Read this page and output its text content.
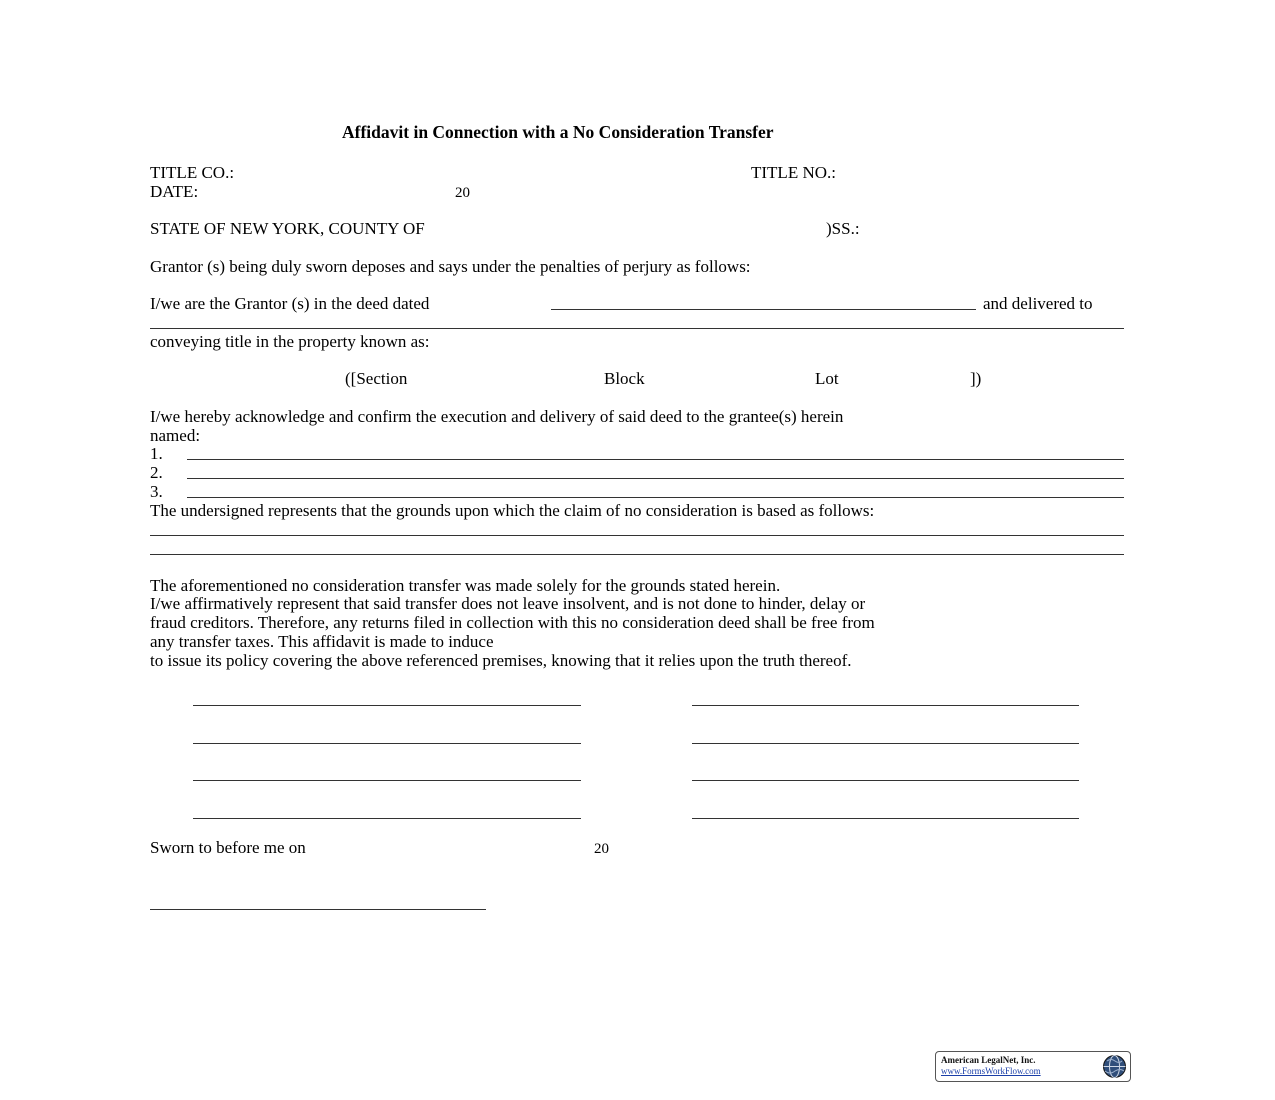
Affidavit in Connection with a No Consideration Transfer
TITLE CO.:	TITLE NO.:
DATE:	20
STATE OF NEW YORK, COUNTY OF	)SS.:
Grantor (s) being duly sworn deposes and says under the penalties of perjury as follows:
I/we are the Grantor (s) in the deed dated	and delivered to
conveying title in the property known as:
([Section	Block	Lot	])
I/we hereby acknowledge and confirm the execution and delivery of said deed to the grantee(s) herein
named:
1.
2.
3.
The undersigned represents that the grounds upon which the claim of no consideration is based as follows:
The aforementioned no consideration transfer was made solely for the grounds stated herein.
I/we affirmatively represent that said transfer does not leave insolvent, and is not done to hinder, delay or
fraud creditors. Therefore, any returns filed in collection with this no consideration deed shall be free from
any transfer taxes. This affidavit is made to induce
to issue its policy covering the above referenced premises, knowing that it relies upon the truth thereof.
Sworn to before me on	20
American LegalNet, Inc.
www.FormsWorkFlow.com
